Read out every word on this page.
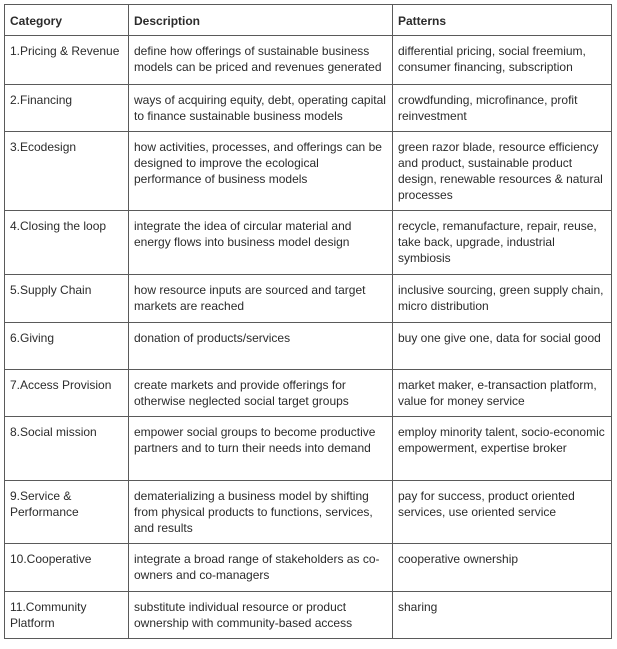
Category	Description	Patterns
1.Pricing & Revenue	define how offerings of sustainable business models can be priced and revenues generated	differential pricing, social freemium, consumer financing, subscription
2.Financing	ways of acquiring equity, debt, operating capital to finance sustainable business models	crowdfunding, microfinance, profit reinvestment
3.Ecodesign	how activities, processes, and offerings can be designed to improve the ecological performance of business models	green razor blade, resource efficiency and product, sustainable product design, renewable resources & natural processes
4.Closing the loop	integrate the idea of circular material and energy flows into business model design	recycle, remanufacture, repair, reuse, take back, upgrade, industrial symbiosis
5.Supply Chain	how resource inputs are sourced and target markets are reached	inclusive sourcing, green supply chain, micro distribution
6.Giving	donation of products/services	buy one give one, data for social good
7.Access Provision	create markets and provide offerings for otherwise neglected social target groups	market maker, e-transaction platform, value for money service
8.Social mission	empower social groups to become productive partners and to turn their needs into demand	employ minority talent, socio-economic empowerment, expertise broker
9.Service & Performance	dematerializing a business model by shifting from physical products to functions, services, and results	pay for success, product oriented services, use oriented service
10.Cooperative	integrate a broad range of stakeholders as co-owners and co-managers	cooperative ownership
11.Community Platform	substitute individual resource or product ownership with community-based access	sharing
